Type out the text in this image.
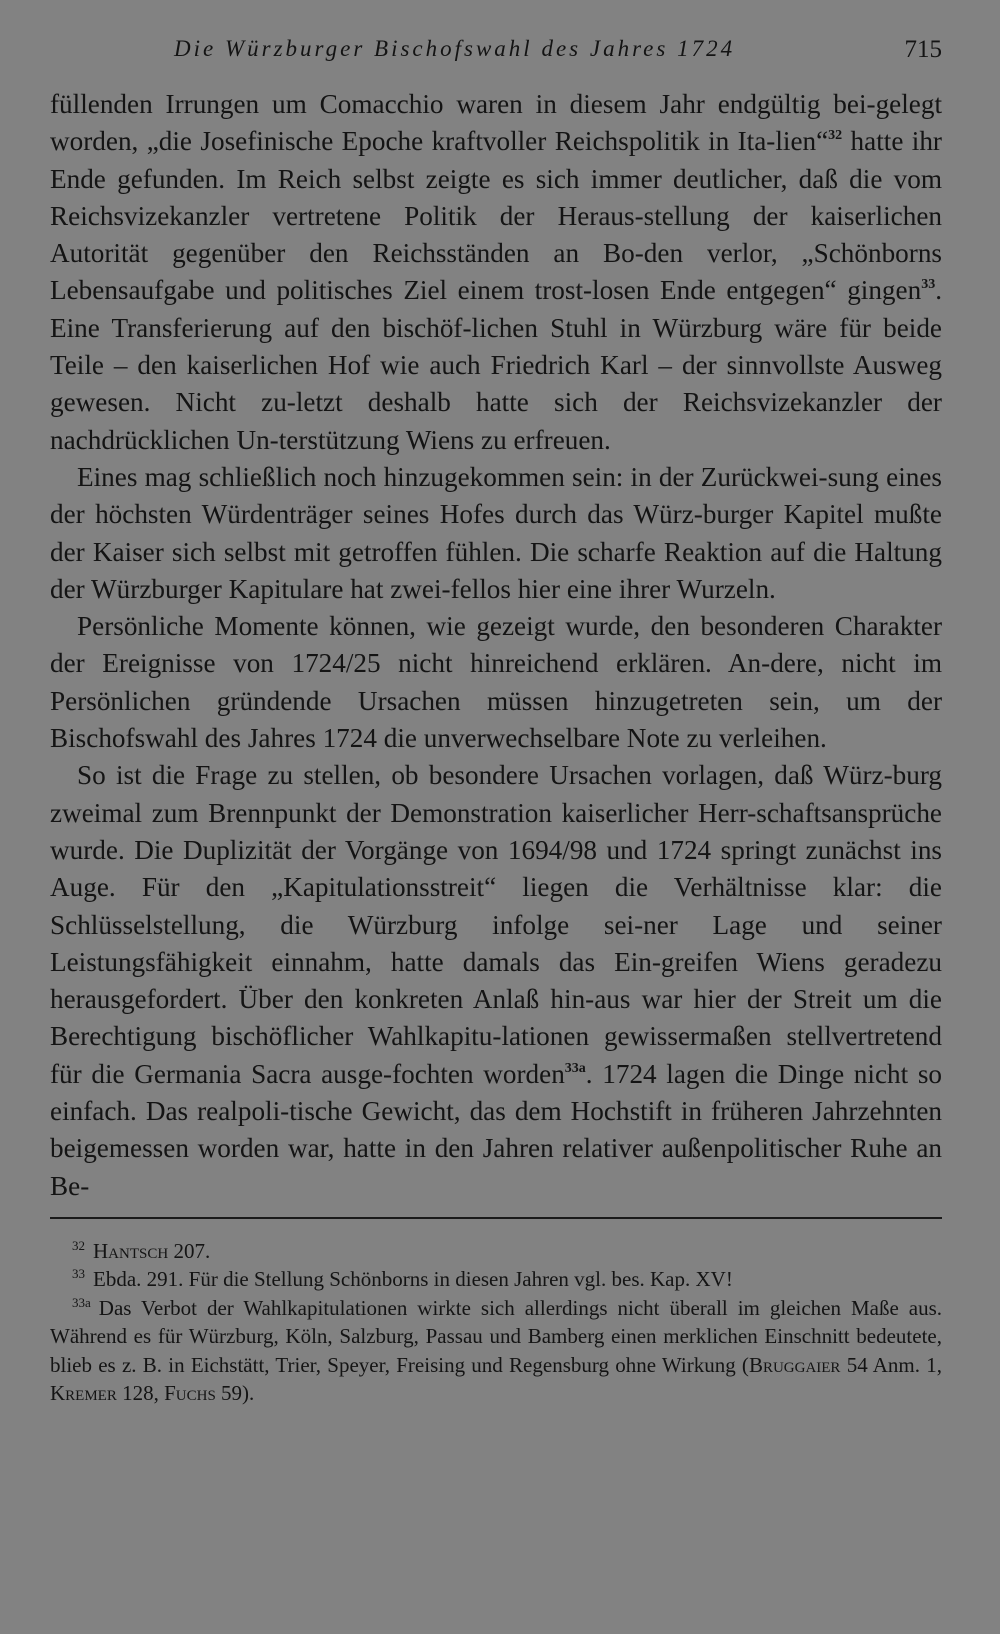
Die Würzburger Bischofswahl des Jahres 1724	715

füllenden Irrungen um Comacchio waren in diesem Jahr endgültig bei-gelegt worden, „die Josefinische Epoche kraftvoller Reichspolitik in Ita-lien“$^{32}$ hatte ihr Ende gefunden. Im Reich selbst zeigte es sich immer deutlicher, daß die vom Reichsvizekanzler vertretene Politik der Heraus-stellung der kaiserlichen Autorität gegenüber den Reichsständen an Bo-den verlor, „Schönborns Lebensaufgabe und politisches Ziel einem trost-losen Ende entgegen“ gingen$^{33}$. Eine Transferierung auf den bischöf-lichen Stuhl in Würzburg wäre für beide Teile – den kaiserlichen Hof wie auch Friedrich Karl – der sinnvollste Ausweg gewesen. Nicht zu-letzt deshalb hatte sich der Reichsvizekanzler der nachdrücklichen Un-terstützung Wiens zu erfreuen.

Eines mag schließlich noch hinzugekommen sein: in der Zurückwei-sung eines der höchsten Würdenträger seines Hofes durch das Würz-burger Kapitel mußte der Kaiser sich selbst mit getroffen fühlen. Die scharfe Reaktion auf die Haltung der Würzburger Kapitulare hat zwei-fellos hier eine ihrer Wurzeln.

Persönliche Momente können, wie gezeigt wurde, den besonderen Charakter der Ereignisse von 1724/25 nicht hinreichend erklären. An-dere, nicht im Persönlichen gründende Ursachen müssen hinzugetreten sein, um der Bischofswahl des Jahres 1724 die unverwechselbare Note zu verleihen.

So ist die Frage zu stellen, ob besondere Ursachen vorlagen, daß Würz-burg zweimal zum Brennpunkt der Demonstration kaiserlicher Herr-schaftsansprüche wurde. Die Duplizität der Vorgänge von 1694/98 und 1724 springt zunächst ins Auge. Für den „Kapitulationsstreit“ liegen die Verhältnisse klar: die Schlüsselstellung, die Würzburg infolge sei-ner Lage und seiner Leistungsfähigkeit einnahm, hatte damals das Ein-greifen Wiens geradezu herausgefordert. Über den konkreten Anlaß hin-aus war hier der Streit um die Berechtigung bischöflicher Wahlkapitu-lationen gewissermaßen stellvertretend für die Germania Sacra ausge-fochten worden$^{33a}$. 1724 lagen die Dinge nicht so einfach. Das realpoli-tische Gewicht, das dem Hochstift in früheren Jahrzehnten beigemessen worden war, hatte in den Jahren relativer außenpolitischer Ruhe an Be-

$^{32}$ Hantsch 207.

$^{33}$ Ebda. 291. Für die Stellung Schönborns in diesen Jahren vgl. bes. Kap. XV!

$^{33a}$ Das Verbot der Wahlkapitulationen wirkte sich allerdings nicht überall im gleichen Maße aus. Während es für Würzburg, Köln, Salzburg, Passau und Bamberg einen merklichen Einschnitt bedeutete, blieb es z. B. in Eichstätt, Trier, Speyer, Freising und Regensburg ohne Wirkung (Bruggaier 54 Anm. 1, Kremer 128, Fuchs 59).
